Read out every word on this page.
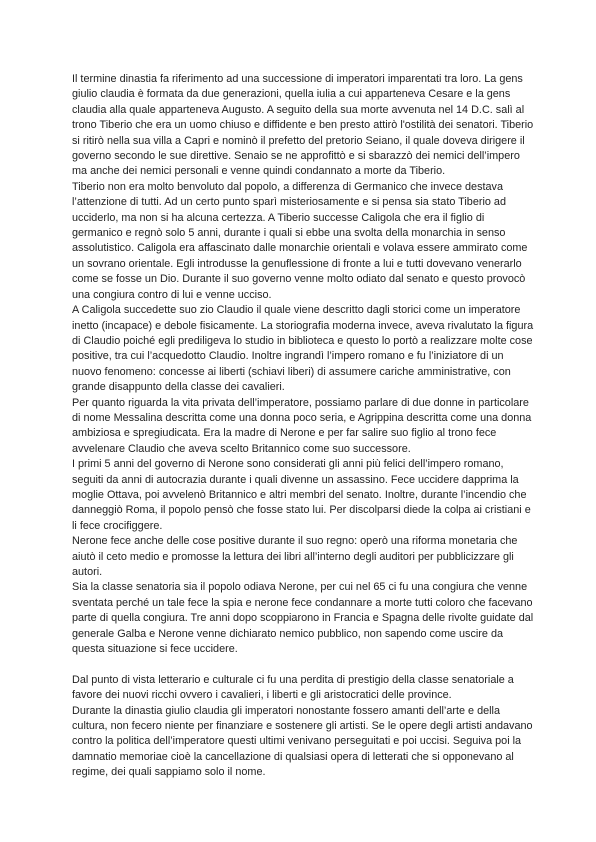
Il termine dinastia fa riferimento ad una successione di imperatori imparentati tra loro. La gens giulio claudia è formata da due generazioni, quella iulia a cui apparteneva Cesare e la gens claudia alla quale apparteneva Augusto. A seguito della sua morte avvenuta nel 14 D.C. salì al trono Tiberio che era un uomo chiuso e diffidente e ben presto attirò l'ostilità dei senatori. Tiberio si ritirò nella sua villa a Capri e nominò il prefetto del pretorio Seiano, il quale doveva dirigere il governo secondo le sue direttive. Senaio se ne approfittò e si sbarazzò dei nemici dell’impero ma anche dei nemici personali e venne quindi condannato a morte da Tiberio.

Tiberio non era molto benvoluto dal popolo, a differenza di Germanico che invece destava l’attenzione di tutti. Ad un certo punto sparì misteriosamente e si pensa sia stato Tiberio ad ucciderlo, ma non si ha alcuna certezza. A Tiberio successe Caligola che era il figlio di germanico e regnò solo 5 anni, durante i quali si ebbe una svolta della monarchia in senso assolutistico. Caligola era affascinato dalle monarchie orientali e volava essere ammirato come un sovrano orientale. Egli introdusse la genuflessione di fronte a lui e tutti dovevano venerarlo come se fosse un Dio. Durante il suo governo venne molto odiato dal senato e questo provocò una congiura contro di lui e venne ucciso.

A Caligola succedette suo zio Claudio il quale viene descritto dagli storici come un imperatore inetto (incapace) e debole fisicamente. La storiografia moderna invece, aveva rivalutato la figura di Claudio poiché egli prediligeva lo studio in biblioteca e questo lo portò a realizzare molte cose positive, tra cui l’acquedotto Claudio. Inoltre ingrandì l’impero romano e fu l’iniziatore di un nuovo fenomeno: concesse ai liberti (schiavi liberi) di assumere cariche amministrative, con grande disappunto della classe dei cavalieri.

Per quanto riguarda la vita privata dell’imperatore, possiamo parlare di due donne in particolare di nome Messalina descritta come una donna poco seria, e Agrippina descritta come una donna ambiziosa e spregiudicata. Era la madre di Nerone e per far salire suo figlio al trono fece avvelenare Claudio che aveva scelto Britannico come suo successore.

I primi 5 anni del governo di Nerone sono considerati gli anni più felici dell’impero romano, seguiti da anni di autocrazia durante i quali divenne un assassino. Fece uccidere dapprima la moglie Ottava, poi avvelenò Britannico e altri membri del senato. Inoltre, durante l’incendio che danneggiò Roma, il popolo pensò che fosse stato lui. Per discolparsi diede la colpa ai cristiani e li fece crocifiggere.

Nerone fece anche delle cose positive durante il suo regno: operò una riforma monetaria che aiutò il ceto medio e promosse la lettura dei libri all’interno degli auditori per pubblicizzare gli autori.

Sia la classe senatoria sia il popolo odiava Nerone, per cui nel 65 ci fu una congiura che venne sventata perché un tale fece la spia e nerone fece condannare a morte tutti coloro che facevano parte di quella congiura. Tre anni dopo scoppiarono in Francia e Spagna delle rivolte guidate dal generale Galba e Nerone venne dichiarato nemico pubblico, non sapendo come uscire da questa situazione si fece uccidere.

Dal punto di vista letterario e culturale ci fu una perdita di prestigio della classe senatoriale a favore dei nuovi ricchi ovvero i cavalieri, i liberti e gli aristocratici delle province.

Durante la dinastia giulio claudia gli imperatori nonostante fossero amanti dell’arte e della cultura, non fecero niente per finanziare e sostenere gli artisti. Se le opere degli artisti andavano contro la politica dell’imperatore questi ultimi venivano perseguitati e poi uccisi. Seguiva poi la damnatio memoriae cioè la cancellazione di qualsiasi opera di letterati che si opponevano al regime, dei quali sappiamo solo il nome.
